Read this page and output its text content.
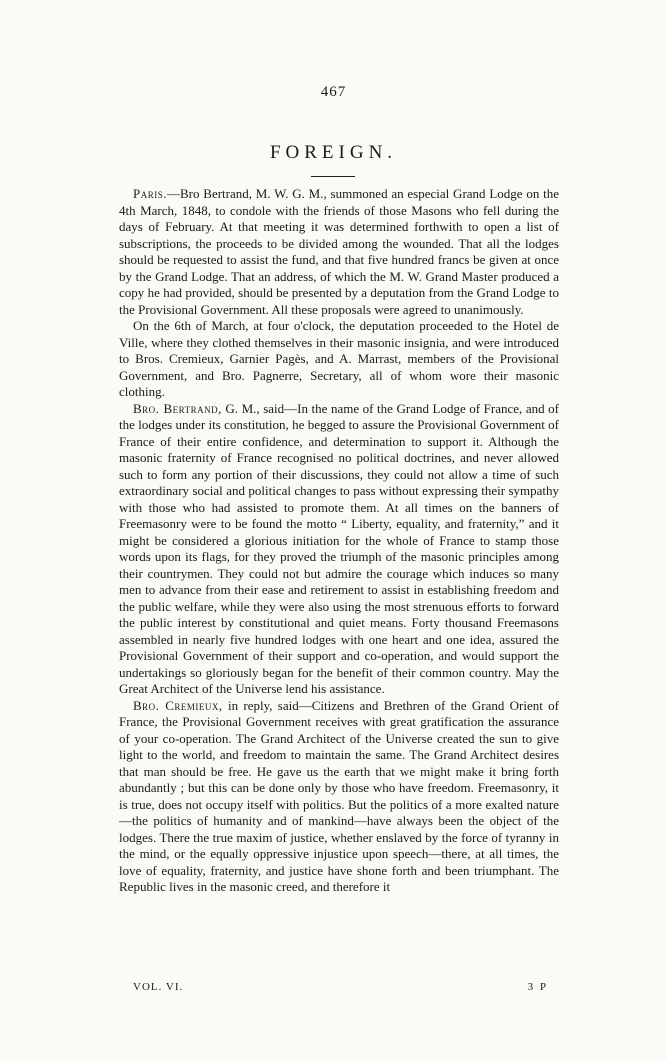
467
FOREIGN.

Paris.—Bro Bertrand, M. W. G. M., summoned an especial Grand Lodge on the 4th March, 1848, to condole with the friends of those Masons who fell during the days of February. At that meeting it was determined forthwith to open a list of subscriptions, the proceeds to be divided among the wounded. That all the lodges should be requested to assist the fund, and that five hundred francs be given at once by the Grand Lodge. That an address, of which the M. W. Grand Master produced a copy he had provided, should be presented by a deputation from the Grand Lodge to the Provisional Government. All these proposals were agreed to unanimously.

On the 6th of March, at four o'clock, the deputation proceeded to the Hotel de Ville, where they clothed themselves in their masonic insignia, and were introduced to Bros. Cremieux, Garnier Pagès, and A. Marrast, members of the Provisional Government, and Bro. Pagnerre, Secretary, all of whom wore their masonic clothing.

Bro. Bertrand, G. M., said—In the name of the Grand Lodge of France, and of the lodges under its constitution, he begged to assure the Provisional Government of France of their entire confidence, and determination to support it. Although the masonic fraternity of France recognised no political doctrines, and never allowed such to form any portion of their discussions, they could not allow a time of such extraordinary social and political changes to pass without expressing their sympathy with those who had assisted to promote them. At all times on the banners of Freemasonry were to be found the motto “ Liberty, equality, and fraternity,” and it might be considered a glorious initiation for the whole of France to stamp those words upon its flags, for they proved the triumph of the masonic principles among their countrymen. They could not but admire the courage which induces so many men to advance from their ease and retirement to assist in establishing freedom and the public welfare, while they were also using the most strenuous efforts to forward the public interest by constitutional and quiet means. Forty thousand Freemasons assembled in nearly five hundred lodges with one heart and one idea, assured the Provisional Government of their support and co-operation, and would support the undertakings so gloriously began for the benefit of their common country. May the Great Architect of the Universe lend his assistance.

Bro. Cremieux, in reply, said—Citizens and Brethren of the Grand Orient of France, the Provisional Government receives with great gratification the assurance of your co-operation. The Grand Architect of the Universe created the sun to give light to the world, and freedom to maintain the same. The Grand Architect desires that man should be free. He gave us the earth that we might make it bring forth abundantly ; but this can be done only by those who have freedom. Freemasonry, it is true, does not occupy itself with politics. But the politics of a more exalted nature—the politics of humanity and of mankind—have always been the object of the lodges. There the true maxim of justice, whether enslaved by the force of tyranny in the mind, or the equally oppressive injustice upon speech—there, at all times, the love of equality, fraternity, and justice have shone forth and been triumphant. The Republic lives in the masonic creed, and therefore it

VOL. VI.	3 P
